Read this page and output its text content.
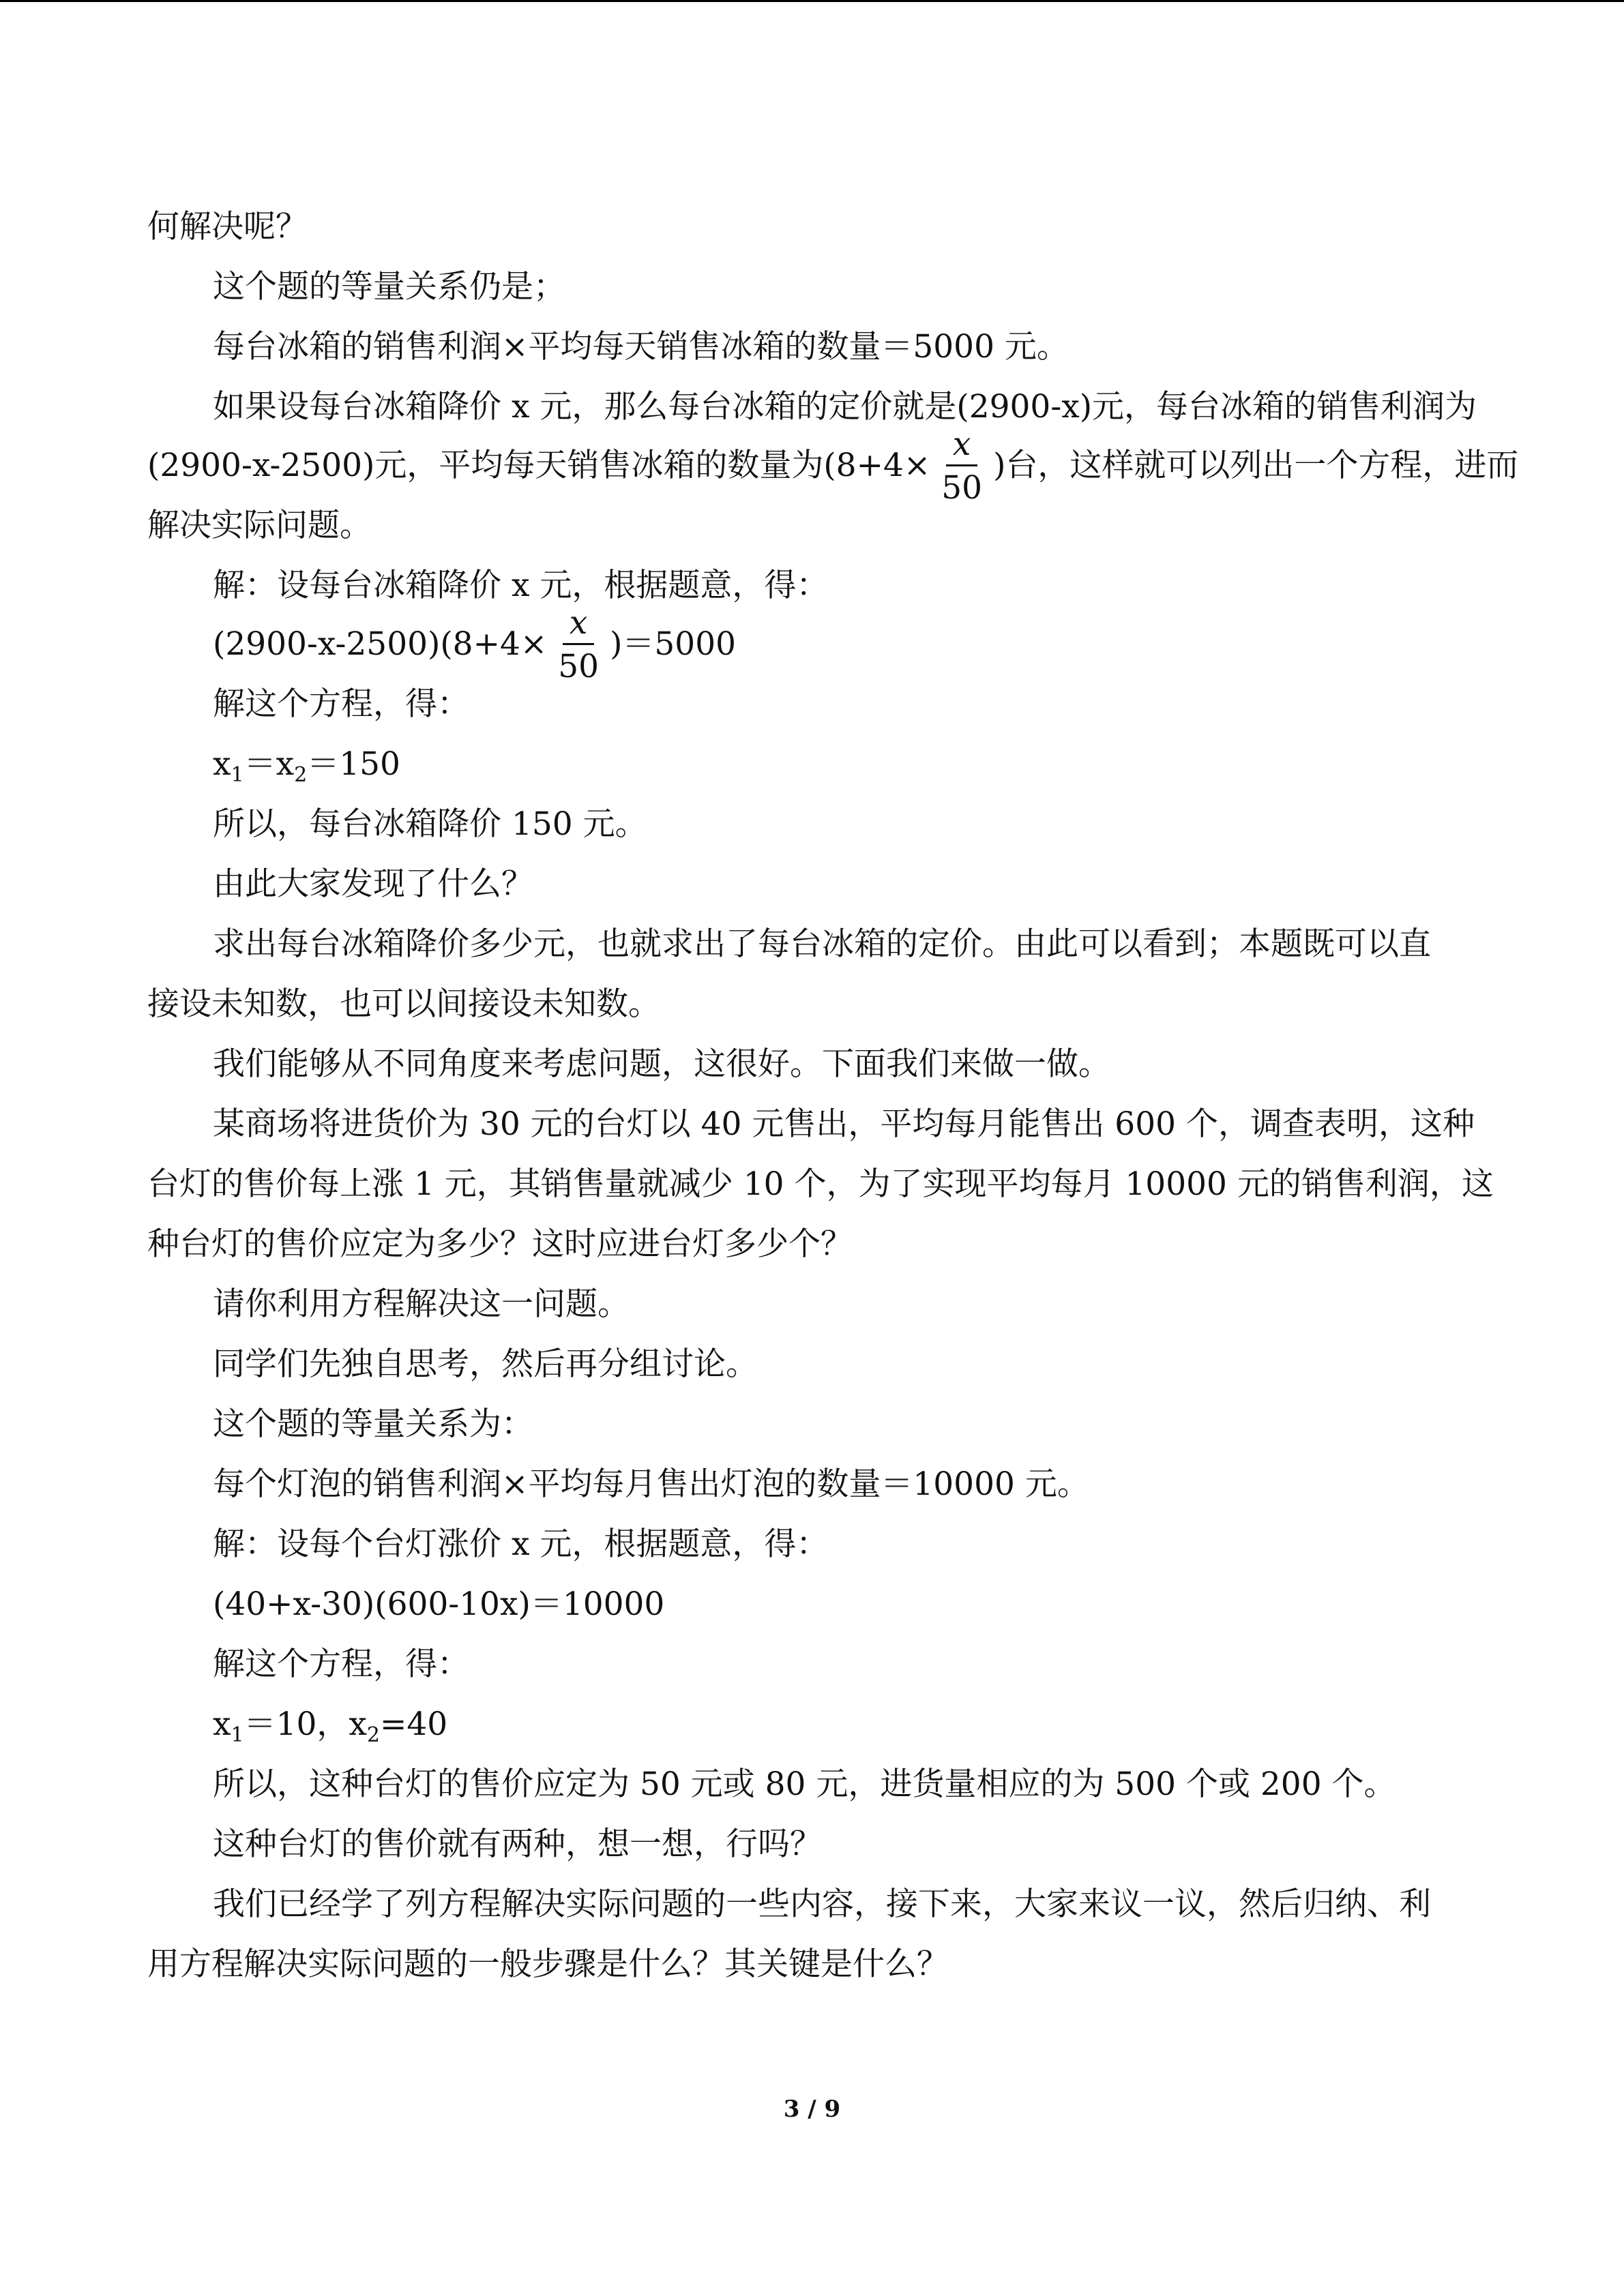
何解决呢？
这个题的等量关系仍是；
每台冰箱的销售利润×平均每天销售冰箱的数量＝5000 元。
如果设每台冰箱降价 x 元，那么每台冰箱的定价就是(2900-x)元，每台冰箱的销售利润为
(2900-x-2500)元，平均每天销售冰箱的数量为($8+4\times \frac{x}{50}$ )台，这样就可以列出一个方程，进而
解决实际问题。
解：设每台冰箱降价 x 元，根据题意，得：
$(2900-x-2500)(8+4\times \frac{x}{50} )=5000$
解这个方程，得：
$x_1=x_2=150$
所以，每台冰箱降价 150 元。
由此大家发现了什么？
求出每台冰箱降价多少元，也就求出了每台冰箱的定价。由此可以看到；本题既可以直
接设未知数，也可以间接设未知数。
我们能够从不同角度来考虑问题，这很好。下面我们来做一做。
某商场将进货价为 30 元的台灯以 40 元售出，平均每月能售出 600 个，调查表明，这种
台灯的售价每上涨 1 元，其销售量就减少 10 个，为了实现平均每月 10000 元的销售利润，这
种台灯的售价应定为多少？这时应进台灯多少个？
请你利用方程解决这一问题。
同学们先独自思考，然后再分组讨论。
这个题的等量关系为：
每个灯泡的销售利润×平均每月售出灯泡的数量＝10000 元。
解：设每个台灯涨价 x 元，根据题意，得：
(40+x-30)(600-10x)＝10000
解这个方程，得：
$x_1=10$，$x_2=40$
所以，这种台灯的售价应定为 50 元或 80 元，进货量相应的为 500 个或 200 个。
这种台灯的售价就有两种，想一想，行吗？
我们已经学了列方程解决实际问题的一些内容，接下来，大家来议一议，然后归纳、利
用方程解决实际问题的一般步骤是什么？其关键是什么？
3 / 9
